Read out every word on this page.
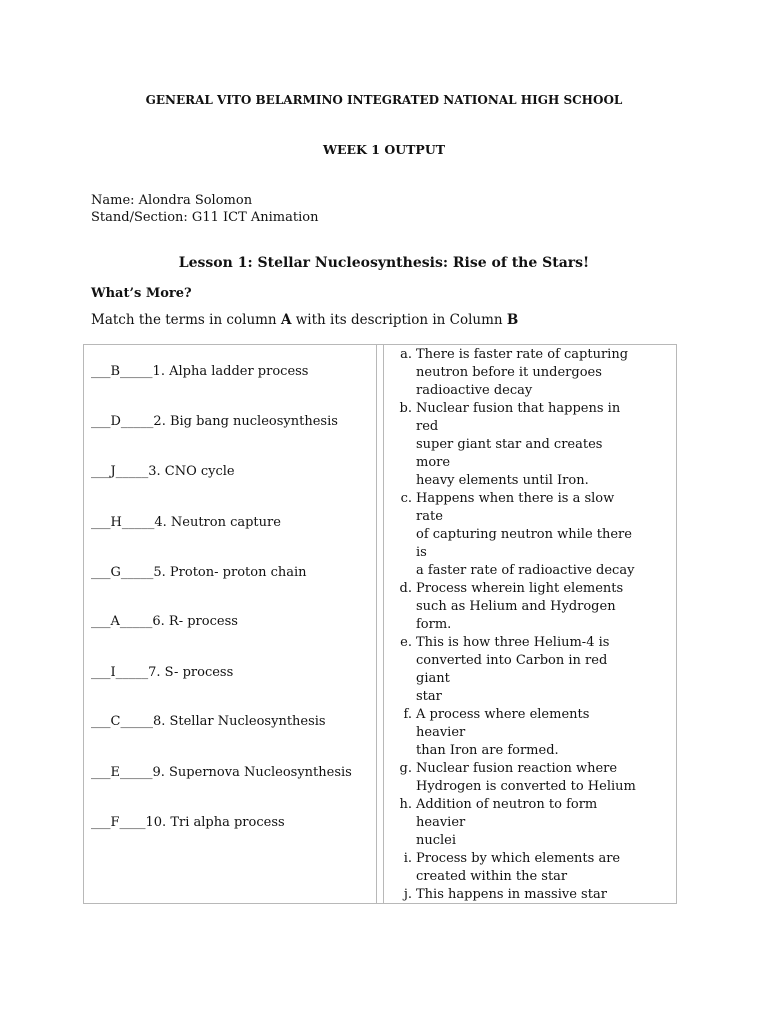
GENERAL VITO BELARMINO INTEGRATED NATIONAL HIGH SCHOOL
WEEK 1 OUTPUT
Name: Alondra Solomon
Stand/Section: G11 ICT Animation
Lesson 1: Stellar Nucleosynthesis: Rise of the Stars!
What’s More?
Match the terms in column A with its description in Column B
___B_____1. Alpha ladder process
___D_____2. Big bang nucleosynthesis
___J_____3. CNO cycle
___H_____4. Neutron capture
___G_____5. Proton- proton chain
___A_____6. R- process
___I_____7. S- process
___C_____8. Stellar Nucleosynthesis
___E_____9. Supernova Nucleosynthesis
___F____10. Tri alpha process
a. There is faster rate of capturing
neutron before it undergoes
radioactive decay
b. Nuclear fusion that happens in
red
super giant star and creates
more
heavy elements until Iron.
c. Happens when there is a slow
rate
of capturing neutron while there
is
a faster rate of radioactive decay
d. Process wherein light elements
such as Helium and Hydrogen
form.
e. This is how three Helium-4 is
converted into Carbon in red
giant
star
f. A process where elements
heavier
than Iron are formed.
g. Nuclear fusion reaction where
Hydrogen is converted to Helium
h. Addition of neutron to form
heavier
nuclei
i. Process by which elements are
created within the star
j. This happens in massive star
